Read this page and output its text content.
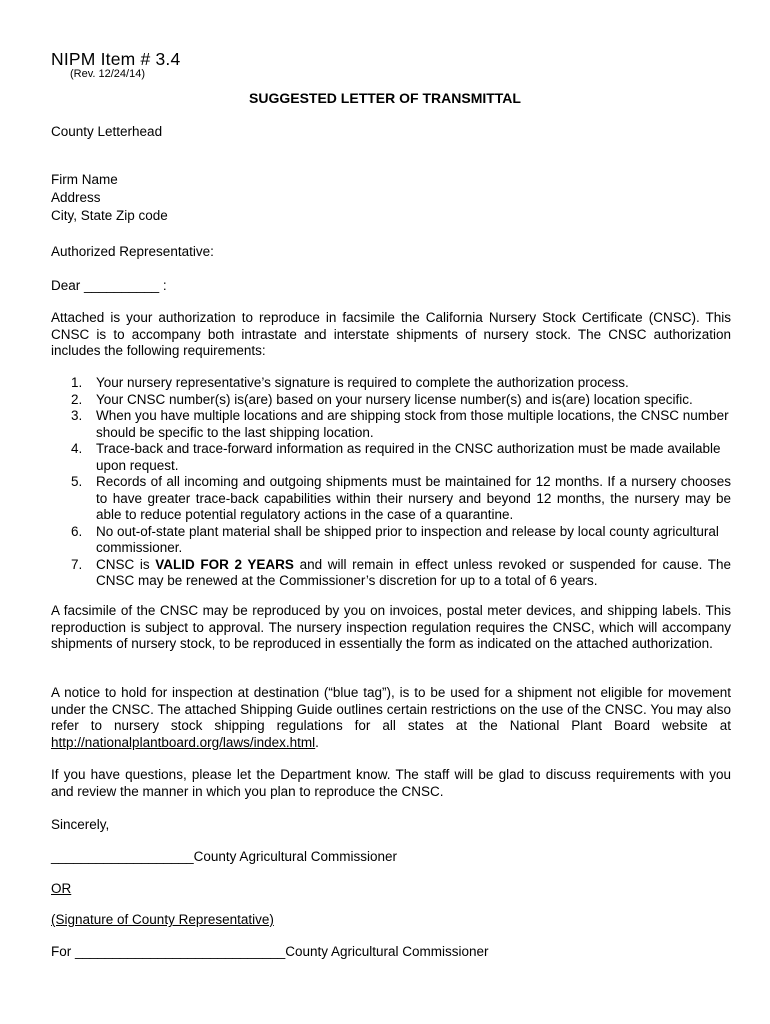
NIPM Item # 3.4
(Rev. 12/24/14)
SUGGESTED LETTER OF TRANSMITTAL
County Letterhead
Firm Name
Address
City, State Zip code
Authorized Representative:
Dear __________ :
Attached is your authorization to reproduce in facsimile the California Nursery Stock Certificate (CNSC). This CNSC is to accompany both intrastate and interstate shipments of nursery stock. The CNSC authorization includes the following requirements:
1. Your nursery representative’s signature is required to complete the authorization process.
2. Your CNSC number(s) is(are) based on your nursery license number(s) and is(are) location specific.
3. When you have multiple locations and are shipping stock from those multiple locations, the CNSC number should be specific to the last shipping location.
4. Trace-back and trace-forward information as required in the CNSC authorization must be made available upon request.
5. Records of all incoming and outgoing shipments must be maintained for 12 months. If a nursery chooses to have greater trace-back capabilities within their nursery and beyond 12 months, the nursery may be able to reduce potential regulatory actions in the case of a quarantine.
6. No out-of-state plant material shall be shipped prior to inspection and release by local county agricultural commissioner.
7. CNSC is VALID FOR 2 YEARS and will remain in effect unless revoked or suspended for cause. The CNSC may be renewed at the Commissioner’s discretion for up to a total of 6 years.
A facsimile of the CNSC may be reproduced by you on invoices, postal meter devices, and shipping labels. This reproduction is subject to approval. The nursery inspection regulation requires the CNSC, which will accompany shipments of nursery stock, to be reproduced in essentially the form as indicated on the attached authorization.
A notice to hold for inspection at destination (“blue tag”), is to be used for a shipment not eligible for movement under the CNSC. The attached Shipping Guide outlines certain restrictions on the use of the CNSC. You may also refer to nursery stock shipping regulations for all states at the National Plant Board website at http://nationalplantboard.org/laws/index.html.
If you have questions, please let the Department know. The staff will be glad to discuss requirements with you and review the manner in which you plan to reproduce the CNSC.
Sincerely,
___________________County Agricultural Commissioner
OR
(Signature of County Representative)
For ____________________________County Agricultural Commissioner
